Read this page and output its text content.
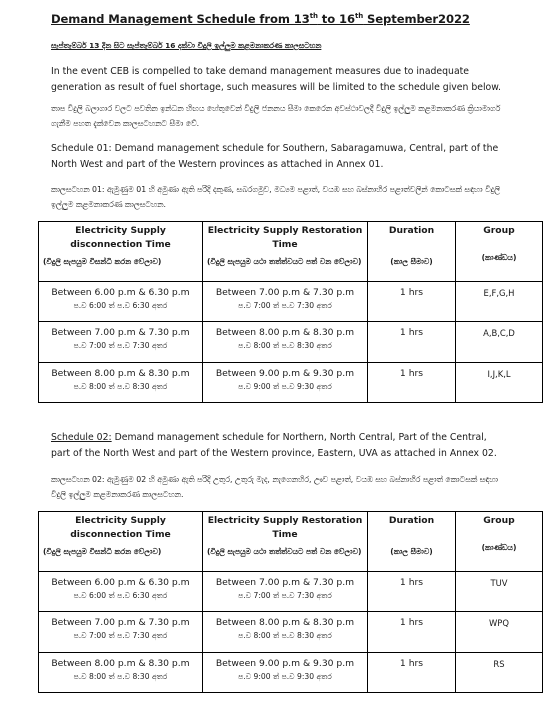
Demand Management Schedule from 13th to 16th September2022
සැප්තැම්බර් 13 දින සිට සැප්තැම්බර් 16 දක්වා විදුලි ඉල්ලුම කළමනාකරණ කාලසටහන
In the event CEB is compelled to take demand management measures due to inadequate generation as result of fuel shortage, such measures will be limited to the schedule given below.
තාප විදුලි බලාගාර වලට පවතින ඉන්ධන හිඟය හේතුවෙන් විදුලි ජනනය සීමා කෙරෙන අවස්ථාවලදී විදුලි ඉල්ලුම කළමනාකරණ ක්‍රියාමාර්ග ගැනීම පහත දැක්වෙන කාලසටහනට සීමා වේ.
Schedule 01: Demand management schedule for Southern, Sabaragamuwa, Central, part of the North West and part of the Western provinces as attached in Annex 01.
කාලසටහන 01: ඇමුණුම 01 හි අමුණා ඇති පරිදි දකුණ, සබරගමුව, මධ්‍යම පළාත්, වයඹ සහ බස්නාහිර පළාත්වලින් කොටසක් සඳහා විදුලි ඉල්ලුම කළමනාකරණ කාලසටහන.
Electricity Supply disconnection Time
(විදුලි සැපයුම විසන්ධි කරන වේලාව)	Electricity Supply Restoration Time
(විදුලි සැපයුම යථා තත්ත්වයට පත් වන වේලාව)	Duration
(කාල සීමාව)	Group
(කාණ්ඩය)

Between 6.00 p.m & 6.30 p.m
ප.ව 6:00 ත් ප.ව 6:30 අතර	Between 7.00 p.m & 7.30 p.m
ප.ව 7:00 ත් ප.ව 7:30 අතර	1 hrs	E,F,G,H

Between 7.00 p.m & 7.30 p.m
ප.ව 7:00 ත් ප.ව 7:30 අතර	Between 8.00 p.m & 8.30 p.m
ප.ව 8:00 ත් ප.ව 8:30 අතර	1 hrs	A,B,C,D

Between 8.00 p.m & 8.30 p.m
ප.ව 8:00 ත් ප.ව 8:30 අතර	Between 9.00 p.m & 9.30 p.m
ප.ව 9:00 ත් ප.ව 9:30 අතර	1 hrs	I,J,K,L
Schedule 02: Demand management schedule for Northern, North Central, Part of the Central, part of the North West and part of the Western province, Eastern, UVA as attached in Annex 02.
කාලසටහන 02: ඇමුණුම 02 හි අමුණා ඇති පරිදි උතුර, උතුරු මැද, නැගෙනහිර, ඌව පළාත්, වයඹ සහ බස්නාහිර පළාත් කොටසක් සඳහා විදුලි ඉල්ලුම කළමනාකරණ කාලසටහන.
Electricity Supply disconnection Time
(විදුලි සැපයුම විසන්ධි කරන වේලාව)	Electricity Supply Restoration Time
(විදුලි සැපයුම යථා තත්ත්වයට පත් වන වේලාව)	Duration
(කාල සීමාව)	Group
(කාණ්ඩය)

Between 6.00 p.m & 6.30 p.m
ප.ව 6:00 ත් ප.ව 6:30 අතර	Between 7.00 p.m & 7.30 p.m
ප.ව 7:00 ත් ප.ව 7:30 අතර	1 hrs	TUV

Between 7.00 p.m & 7.30 p.m
ප.ව 7:00 ත් ප.ව 7:30 අතර	Between 8.00 p.m & 8.30 p.m
ප.ව 8:00 ත් ප.ව 8:30 අතර	1 hrs	WPQ

Between 8.00 p.m & 8.30 p.m
ප.ව 8:00 ත් ප.ව 8:30 අතර	Between 9.00 p.m & 9.30 p.m
ප.ව 9:00 ත් ප.ව 9:30 අතර	1 hrs	RS
